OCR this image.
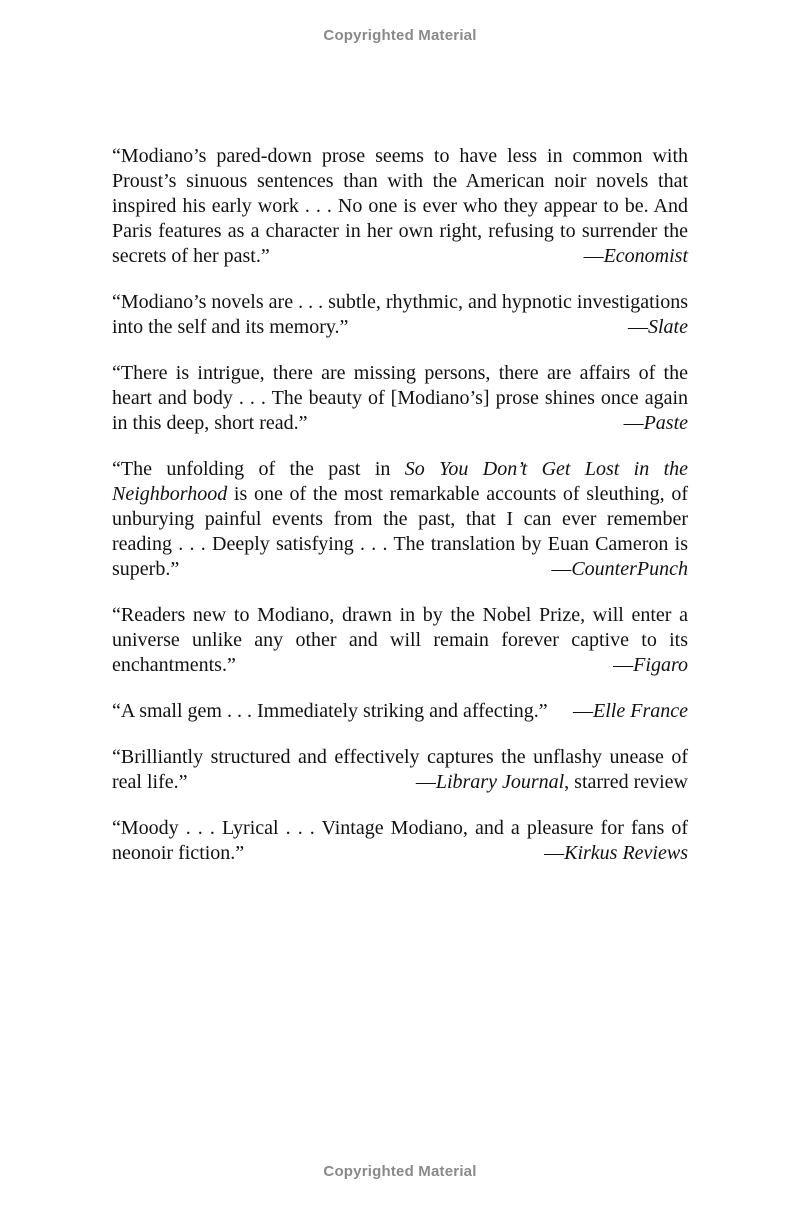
Copyrighted Material

“Modiano’s pared-down prose seems to have less in common with Proust’s sinuous sentences than with the American noir novels that inspired his early work . . . No one is ever who they appear to be. And Paris features as a character in her own right, refusing to surrender the secrets of her past.”	—Economist

“Modiano’s novels are . . . subtle, rhythmic, and hypnotic investigations into the self and its memory.”	—Slate

“There is intrigue, there are missing persons, there are affairs of the heart and body . . . The beauty of [Modiano’s] prose shines once again in this deep, short read.”	—Paste

“The unfolding of the past in So You Don’t Get Lost in the Neighborhood is one of the most remarkable accounts of sleuthing, of unburying painful events from the past, that I can ever remember reading . . . Deeply satisfying . . . The translation by Euan Cameron is superb.”	—CounterPunch

“Readers new to Modiano, drawn in by the Nobel Prize, will enter a universe unlike any other and will remain forever captive to its enchantments.”	—Figaro

“A small gem . . . Immediately striking and affecting.” —Elle France

“Brilliantly structured and effectively captures the unflashy unease of real life.”	—Library Journal, starred review

“Moody . . . Lyrical . . . Vintage Modiano, and a pleasure for fans of neonoir fiction.”	—Kirkus Reviews

Copyrighted Material
